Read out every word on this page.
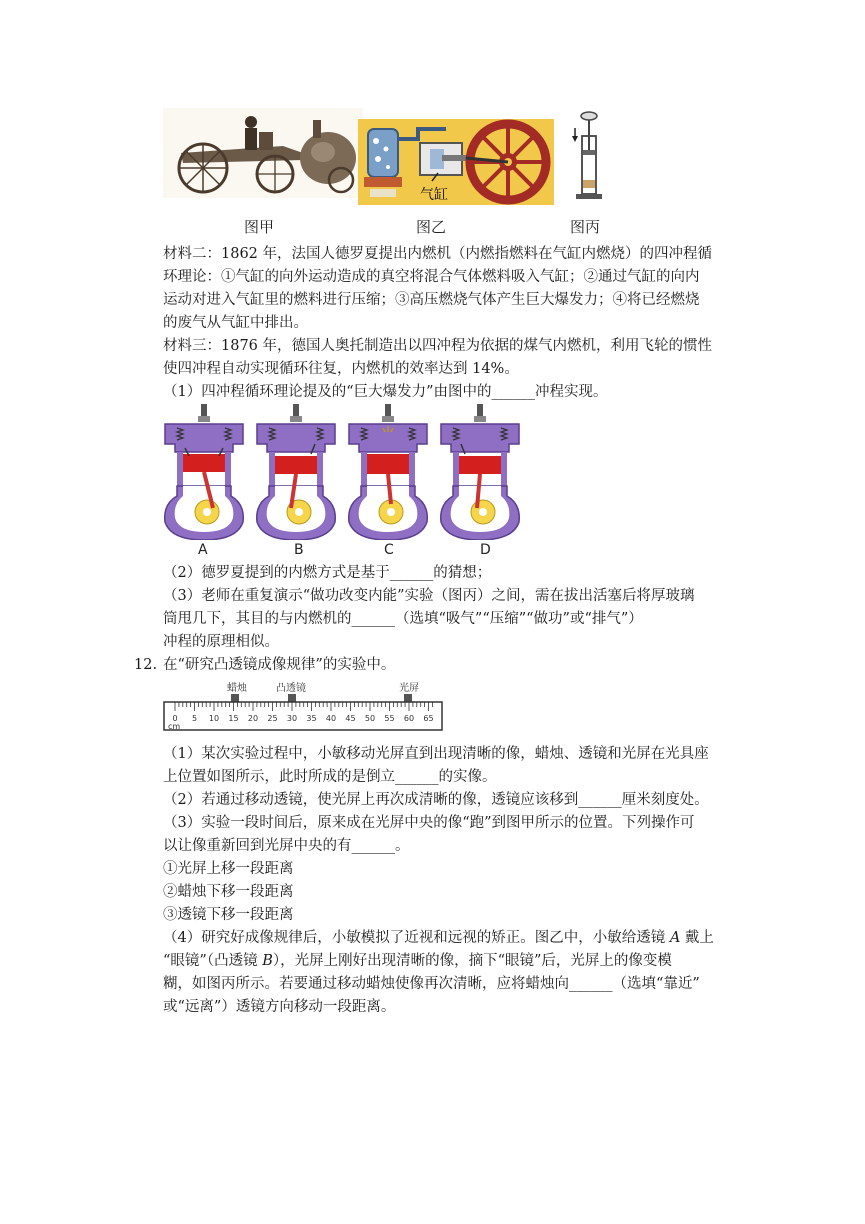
气缸
图甲	图乙	图丙
材料二：1862 年，法国人德罗夏提出内燃机（内燃指燃料在气缸内燃烧）的四冲程循
环理论：①气缸的向外运动造成的真空将混合气体燃料吸入气缸；②通过气缸的向内
运动对进入气缸里的燃料进行压缩；③高压燃烧气体产生巨大爆发力；④将已经燃烧
的废气从气缸中排出。
材料三：1876 年，德国人奥托制造出以四冲程为依据的煤气内燃机，利用飞轮的惯性
使四冲程自动实现循环往复，内燃机的效率达到 14%。
（1）四冲程循环理论提及的“巨大爆发力”由图中的______冲程实现。
A	B	C	D
（2）德罗夏提到的内燃方式是基于______的猜想；
（3）老师在重复演示“做功改变内能”实验（图丙）之间，需在拔出活塞后将厚玻璃
筒甩几下，其目的与内燃机的______（选填“吸气”“压缩”“做功”或“排气”）
冲程的原理相似。
12. 在“研究凸透镜成像规律”的实验中。
蜡烛	凸透镜	光屏
0 5 10 15 20 25 30 35 40 45 50 55 60 65
cm
（1）某次实验过程中，小敏移动光屏直到出现清晰的像，蜡烛、透镜和光屏在光具座
上位置如图所示，此时所成的是倒立______的实像。
（2）若通过移动透镜，使光屏上再次成清晰的像，透镜应该移到______厘米刻度处。
（3）实验一段时间后，原来成在光屏中央的像“跑”到图甲所示的位置。下列操作可
以让像重新回到光屏中央的有______。
①光屏上移一段距离
②蜡烛下移一段距离
③透镜下移一段距离
（4）研究好成像规律后，小敏模拟了近视和远视的矫正。图乙中，小敏给透镜 A 戴上
“眼镜”（凸透镜 B），光屏上刚好出现清晰的像，摘下“眼镜”后，光屏上的像变模
糊，如图丙所示。若要通过移动蜡烛使像再次清晰，应将蜡烛向______（选填“靠近”
或“远离”）透镜方向移动一段距离。
